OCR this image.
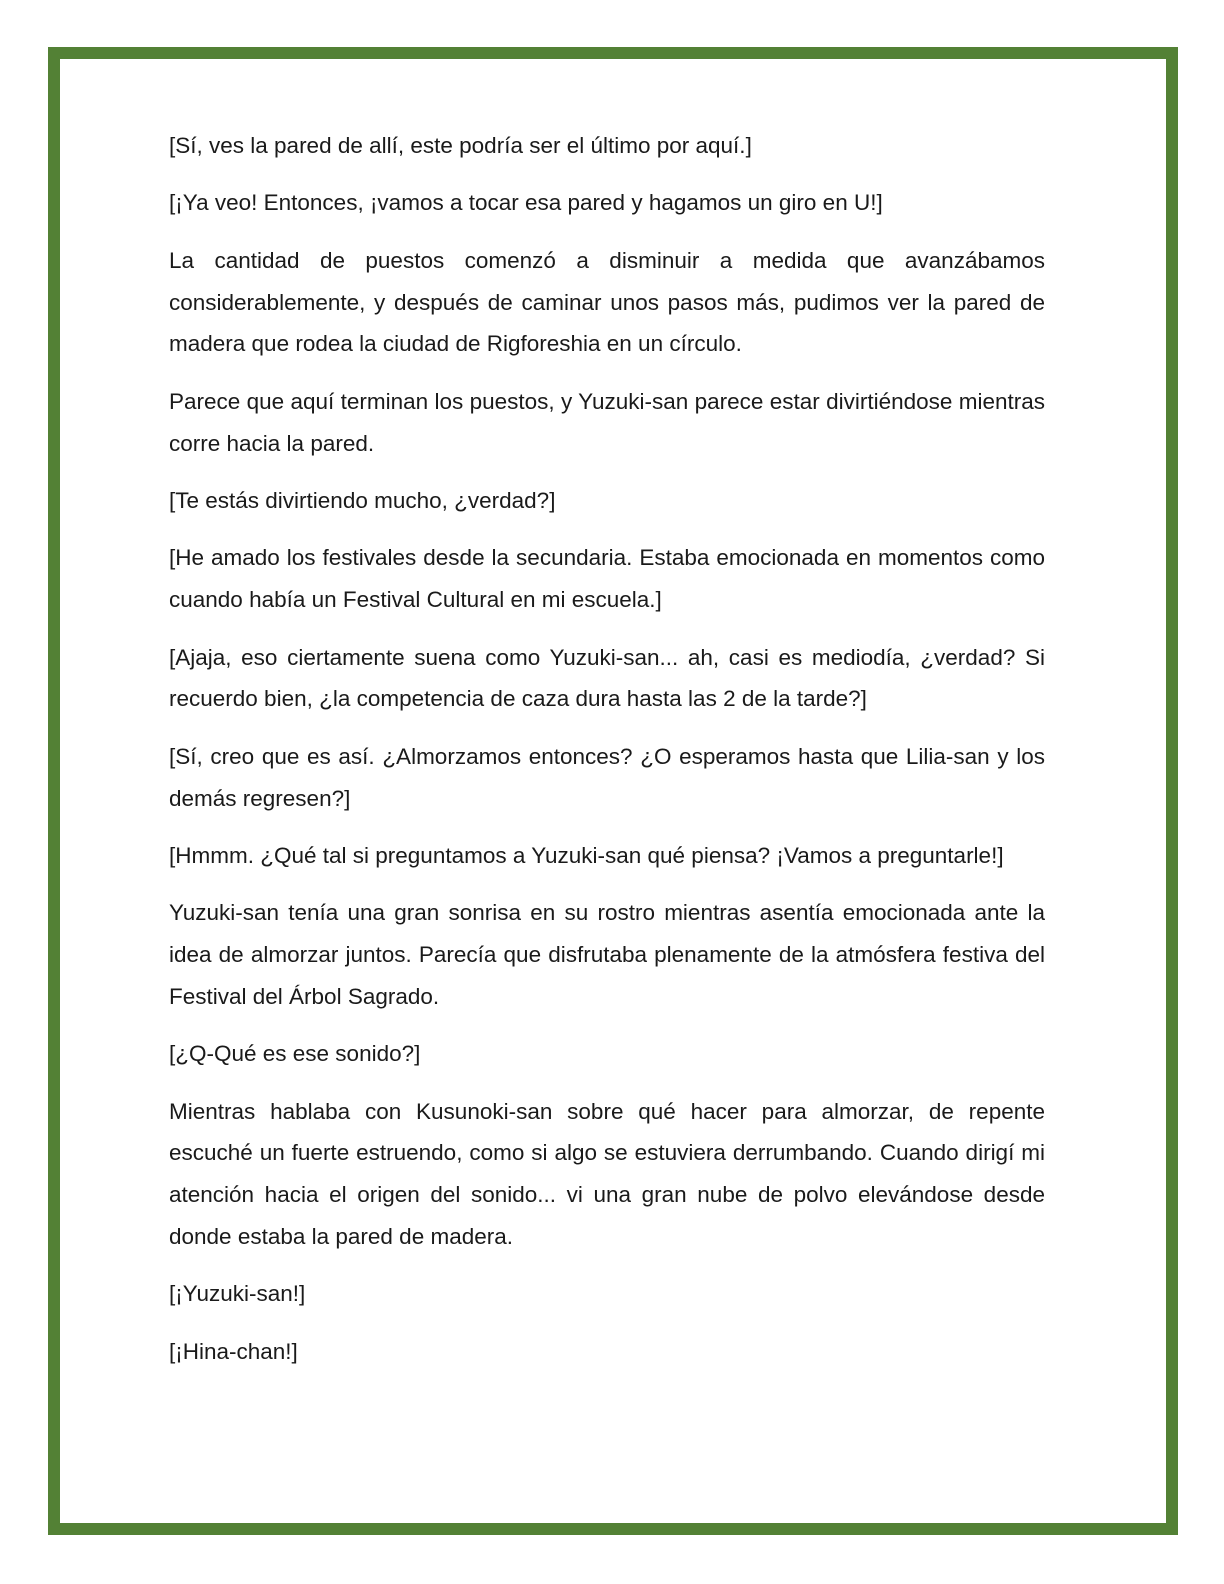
[Sí, ves la pared de allí, este podría ser el último por aquí.]

[¡Ya veo! Entonces, ¡vamos a tocar esa pared y hagamos un giro en U!]

La cantidad de puestos comenzó a disminuir a medida que avanzábamos considerablemente, y después de caminar unos pasos más, pudimos ver la pared de madera que rodea la ciudad de Rigforeshia en un círculo.

Parece que aquí terminan los puestos, y Yuzuki-san parece estar divirtiéndose mientras corre hacia la pared.

[Te estás divirtiendo mucho, ¿verdad?]

[He amado los festivales desde la secundaria. Estaba emocionada en momentos como cuando había un Festival Cultural en mi escuela.]

[Ajaja, eso ciertamente suena como Yuzuki-san... ah, casi es mediodía, ¿verdad? Si recuerdo bien, ¿la competencia de caza dura hasta las 2 de la tarde?]

[Sí, creo que es así. ¿Almorzamos entonces? ¿O esperamos hasta que Lilia-san y los demás regresen?]

[Hmmm. ¿Qué tal si preguntamos a Yuzuki-san qué piensa? ¡Vamos a preguntarle!]

Yuzuki-san tenía una gran sonrisa en su rostro mientras asentía emocionada ante la idea de almorzar juntos. Parecía que disfrutaba plenamente de la atmósfera festiva del Festival del Árbol Sagrado.

[¿Q-Qué es ese sonido?]

Mientras hablaba con Kusunoki-san sobre qué hacer para almorzar, de repente escuché un fuerte estruendo, como si algo se estuviera derrumbando. Cuando dirigí mi atención hacia el origen del sonido... vi una gran nube de polvo elevándose desde donde estaba la pared de madera.

[¡Yuzuki-san!]

[¡Hina-chan!]
